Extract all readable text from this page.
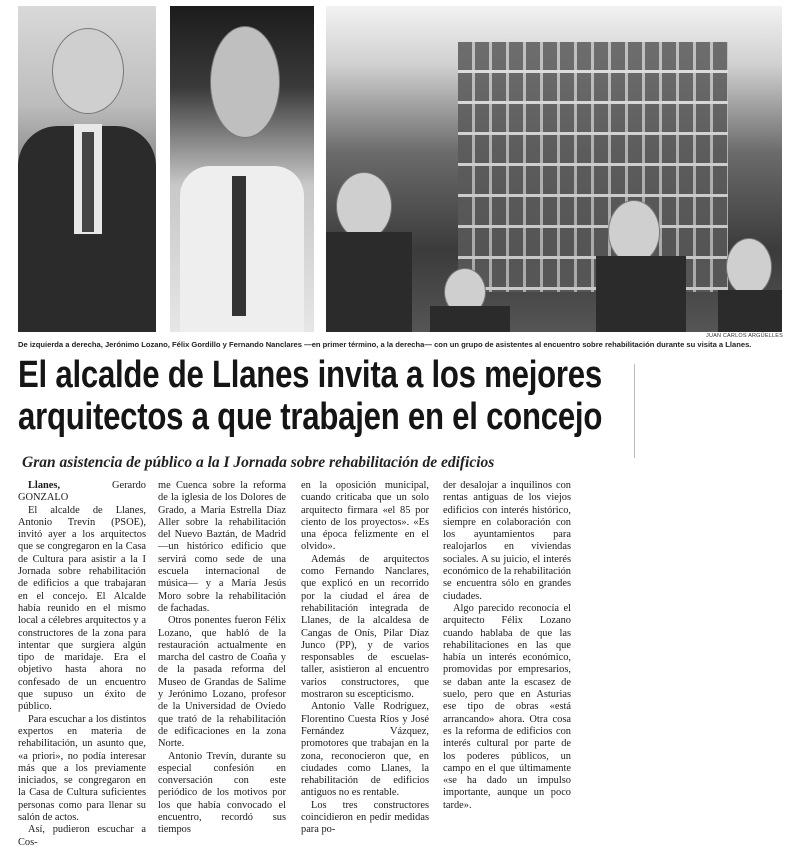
JUAN CARLOS ARGÜELLES
De izquierda a derecha, Jerónimo Lozano, Félix Gordillo y Fernando Nanclares —en primer término, a la derecha— con un grupo de asistentes al encuentro sobre rehabilitación durante su visita a Llanes.
El alcalde de Llanes invita a los mejores
arquitectos a que trabajen en el concejo
Gran asistencia de público a la I Jornada sobre rehabilitación de edificios

Llanes,	Gerardo GONZALO

El alcalde de Llanes, Antonio Trevín (PSOE), invitó ayer a los arquitectos que se congregaron en la Casa de Cultura para asistir a la I Jornada sobre rehabilitación de edificios a que trabajaran en el concejo. El Alcalde había reunido en el mismo local a célebres arquitectos y a constructores de la zona para intentar que surgiera algún tipo de maridaje. Era el objetivo hasta ahora no confesado de un encuentro que supuso un éxito de público.

Para escuchar a los distintos expertos en materia de rehabilitación, un asunto que, «a priori», no podía interesar más que a los previamente iniciados, se congregaron en la Casa de Cultura suficientes personas como para llenar su salón de actos.

Así, pudieron escuchar a Cos-

me Cuenca sobre la reforma de la iglesia de los Dolores de Grado, a María Estrella Díaz Aller sobre la rehabilitación del Nuevo Baztán, de Madrid —un histórico edificio que servirá como sede de una escuela internacional de música— y a María Jesús Moro sobre la rehabilitación de fachadas.

Otros ponentes fueron Félix Lozano, que habló de la restauración actualmente en marcha del castro de Coaña y de la pasada reforma del Museo de Grandas de Salime y Jerónimo Lozano, profesor de la Universidad de Oviedo que trató de la rehabilitación de edificaciones en la zona Norte.

Antonio Trevín, durante su especial confesión en conversación con este periódico de los motivos por los que había convocado el encuentro, recordó sus tiempos

en la oposición municipal, cuando criticaba que un solo arquitecto firmara «el 85 por ciento de los proyectos». «Es una época felizmente en el olvido».

Además de arquitectos como Fernando Nanclares, que explicó en un recorrido por la ciudad el área de rehabilitación integrada de Llanes, de la alcaldesa de Cangas de Onís, Pilar Díaz Junco (PP), y de varios responsables de escuelas-taller, asistieron al encuentro varios constructores, que mostraron su escepticismo.

Antonio Valle Rodríguez, Florentino Cuesta Ríos y José Fernández Vázquez, promotores que trabajan en la zona, reconocieron que, en ciudades como Llanes, la rehabilitación de edificios antiguos no es rentable.

Los tres constructores coincidieron en pedir medidas para po-

der desalojar a inquilinos con rentas antiguas de los viejos edificios con interés histórico, siempre en colaboración con los ayuntamientos para realojarlos en viviendas sociales. A su juicio, el interés económico de la rehabilitación se encuentra sólo en grandes ciudades.

Algo parecido reconocía el arquitecto Félix Lozano cuando hablaba de que las rehabilitaciones en las que había un interés económico, promovidas por empresarios, se daban ante la escasez de suelo, pero que en Asturias ese tipo de obras «está arrancando» ahora. Otra cosa es la reforma de edificios con interés cultural por parte de los poderes públicos, un campo en el que últimamente «se ha dado un impulso importante, aunque un poco tarde».
